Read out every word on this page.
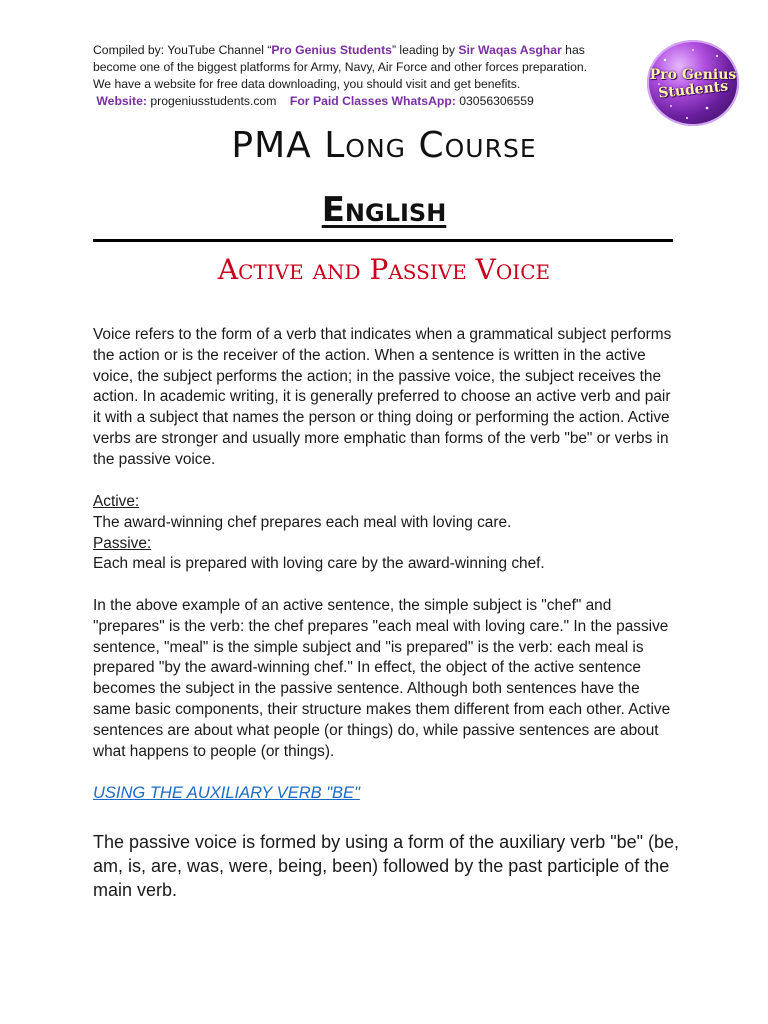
Compiled by: YouTube Channel “Pro Genius Students” leading by Sir Waqas Asghar has
become one of the biggest platforms for Army, Navy, Air Force and other forces preparation.
We have a website for free data downloading, you should visit and get benefits.
Website: progeniusstudents.com For Paid Classes WhatsApp: 03056306559
Pro Genius
Students
PMA Long Course
English
Active and Passive Voice
Voice refers to the form of a verb that indicates when a grammatical subject performs the action or is the receiver of the action. When a sentence is written in the active voice, the subject performs the action; in the passive voice, the subject receives the action. In academic writing, it is generally preferred to choose an active verb and pair it with a subject that names the person or thing doing or performing the action. Active verbs are stronger and usually more emphatic than forms of the verb "be" or verbs in the passive voice.
Active:
The award-winning chef prepares each meal with loving care.
Passive:
Each meal is prepared with loving care by the award-winning chef.
In the above example of an active sentence, the simple subject is "chef" and "prepares" is the verb: the chef prepares "each meal with loving care." In the passive sentence, "meal" is the simple subject and "is prepared" is the verb: each meal is prepared "by the award-winning chef." In effect, the object of the active sentence becomes the subject in the passive sentence. Although both sentences have the same basic components, their structure makes them different from each other. Active sentences are about what people (or things) do, while passive sentences are about what happens to people (or things).
USING THE AUXILIARY VERB "BE"
The passive voice is formed by using a form of the auxiliary verb "be" (be, am, is, are, was, were, being, been) followed by the past participle of the main verb.
